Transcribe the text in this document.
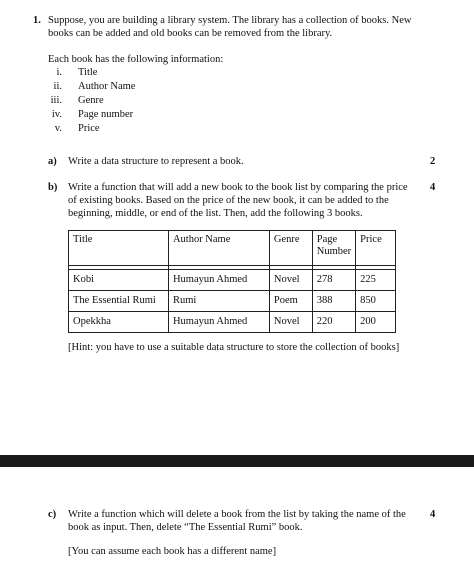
1. Suppose, you are building a library system. The library has a collection of books. New
books can be added and old books can be removed from the library.
Each book has the following information:
i. Title
ii. Author Name
iii. Genre
iv. Page number
v. Price
a) Write a data structure to represent a book.	2
b) Write a function that will add a new book to the book list by comparing the price 4
of existing books. Based on the price of the new book, it can be added to the
beginning, middle, or end of the list. Then, add the following 3 books.
Title	Author Name	Genre	Page Number	Price

Kobi	Humayun Ahmed	Novel	278	225
The Essential Rumi	Rumi	Poem	388	850
Opekkha	Humayun Ahmed	Novel	220	200
[Hint: you have to use a suitable data structure to store the collection of books]
c) Write a function which will delete a book from the list by taking the name of the 4
book as input. Then, delete “The Essential Rumi” book.
[You can assume each book has a different name]
